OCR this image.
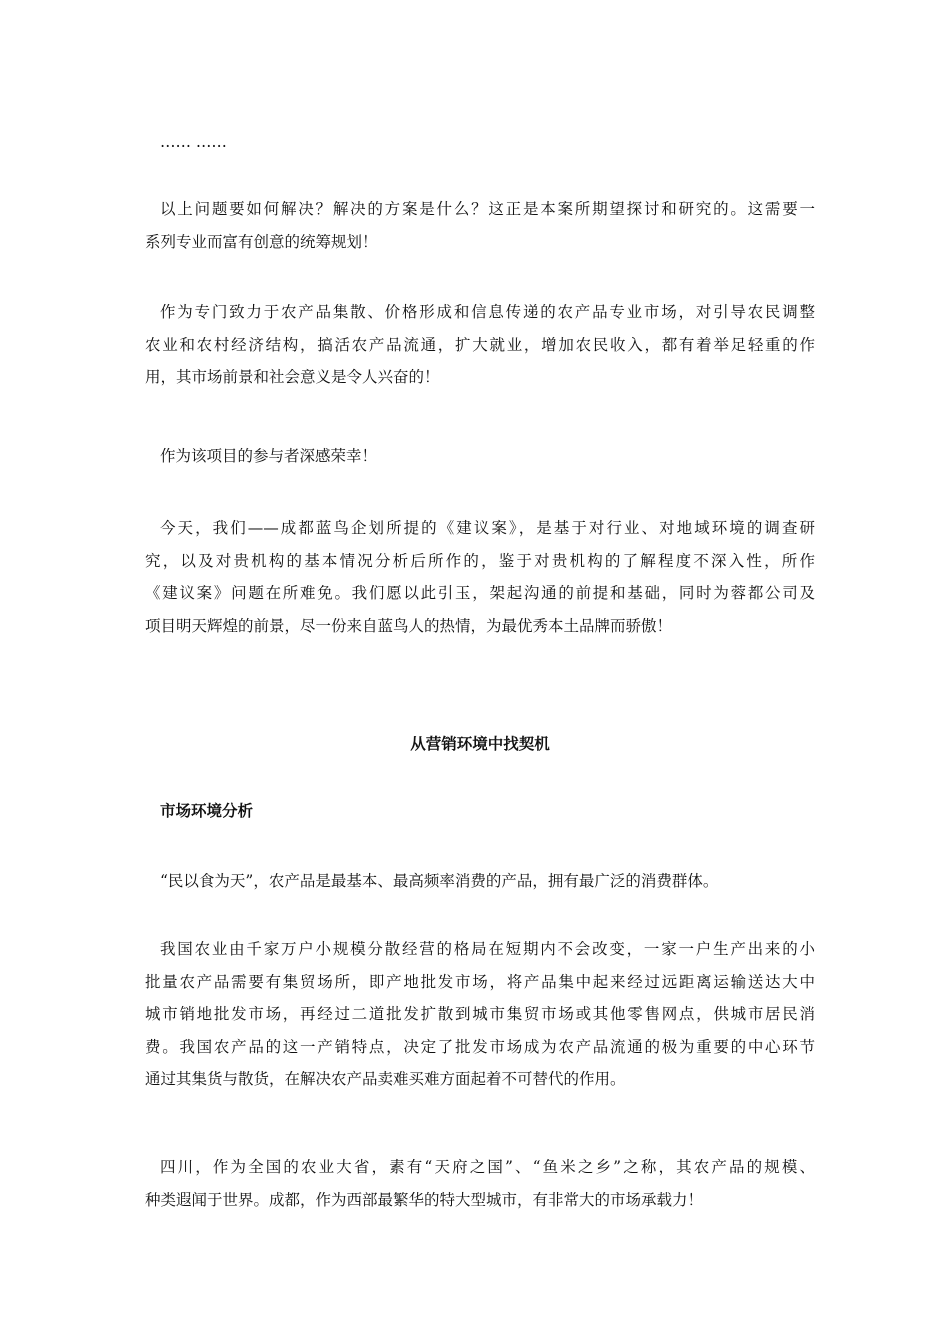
…… ……

以上问题要如何解决？解决的方案是什么？这正是本案所期望探讨和研究的。这需要一
系列专业而富有创意的统筹规划！

作为专门致力于农产品集散、价格形成和信息传递的农产品专业市场，对引导农民调整
农业和农村经济结构，搞活农产品流通，扩大就业，增加农民收入，都有着举足轻重的作
用，其市场前景和社会意义是令人兴奋的！

作为该项目的参与者深感荣幸！

今天，我们——成都蓝鸟企划所提的《建议案》，是基于对行业、对地域环境的调查研
究，以及对贵机构的基本情况分析后所作的，鉴于对贵机构的了解程度不深入性，所作
《建议案》问题在所难免。我们愿以此引玉，架起沟通的前提和基础，同时为蓉都公司及
项目明天辉煌的前景，尽一份来自蓝鸟人的热情，为最优秀本土品牌而骄傲！

从营销环境中找契机
市场环境分析

“民以食为天”，农产品是最基本、最高频率消费的产品，拥有最广泛的消费群体。

我国农业由千家万户小规模分散经营的格局在短期内不会改变，一家一户生产出来的小
批量农产品需要有集贸场所，即产地批发市场，将产品集中起来经过远距离运输送达大中
城市销地批发市场，再经过二道批发扩散到城市集贸市场或其他零售网点，供城市居民消
费。我国农产品的这一产销特点，决定了批发市场成为农产品流通的极为重要的中心环节
通过其集货与散货，在解决农产品卖难买难方面起着不可替代的作用。

四川，作为全国的农业大省，素有“天府之国”、“鱼米之乡”之称，其农产品的规模、
种类遐闻于世界。成都，作为西部最繁华的特大型城市，有非常大的市场承载力！
